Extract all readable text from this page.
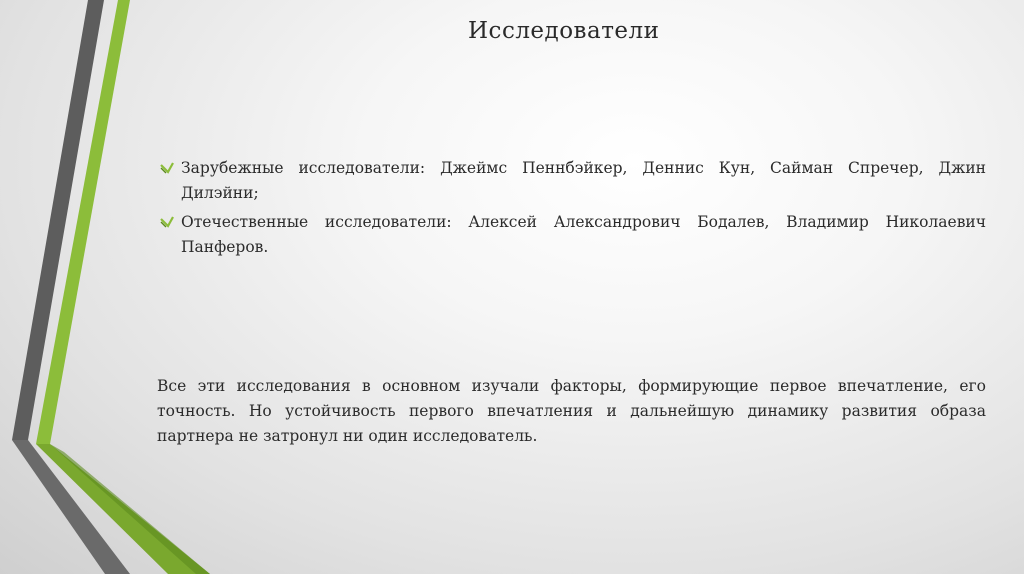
Исследователи
Зарубежные исследователи: Джеймс Пеннбэйкер, Деннис Кун, Сайман Спречер, Джин Дилэйни;
Отечественные исследователи: Алексей Александрович Бодалев, Владимир Николаевич Панферов.

Все эти исследования в основном изучали факторы, формирующие первое впечатление, его точность. Но устойчивость первого впечатления и дальнейшую динамику развития образа партнера не затронул ни один исследователь.
